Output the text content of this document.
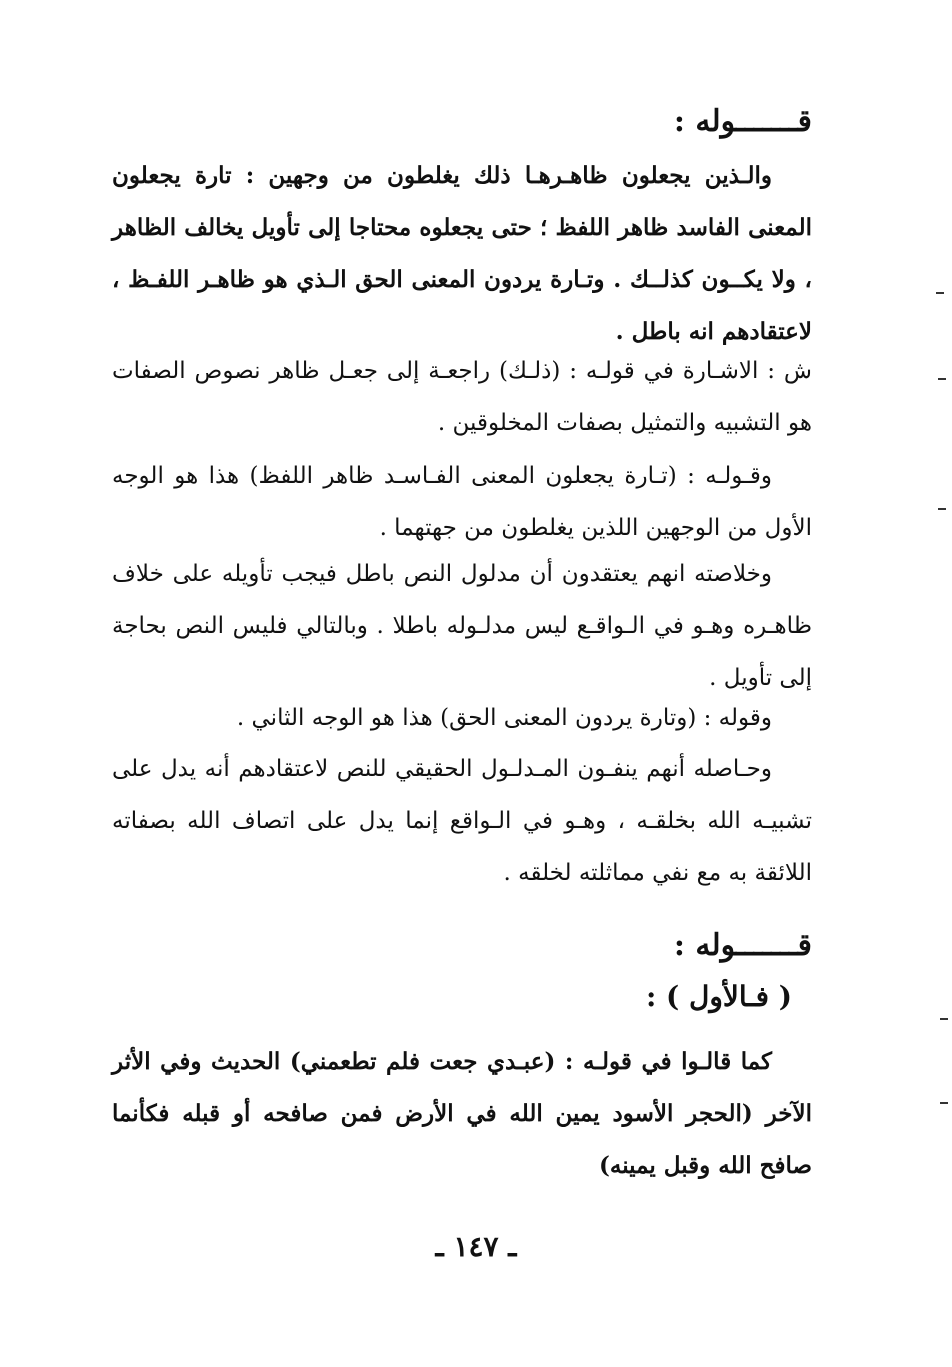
قـــــــوله :
والـذين يجعلون ظاهـرهـا ذلك يغلطون من وجهين : تارة يجعلون المعنى الفاسد ظاهر اللفظ ؛ حتى يجعلوه محتاجا إلى تأويل يخالف الظاهر ، ولا يكــون كذلــك . وتـارة يردون المعنى الحق الـذي هو ظاهـر اللفـظ ، لاعتقادهم انه باطل .
ش : الاشـارة في قولـه : (ذلـك) راجعـة إلى جعـل ظاهر نصوص الصفات هو التشبيه والتمثيل بصفات المخلوقين .
وقـولـه : (تـارة يجعلون المعنى الفـاسـد ظاهر اللفظ) هذا هو الوجه الأول من الوجهين اللذين يغلطون من جهتهما .
وخلاصته انهم يعتقدون أن مدلول النص باطل فيجب تأويله على خلاف ظاهـره وهـو في الـواقـع ليس مدلـوله باطلا . وبالتالي فليس النص بحاجة إلى تأويل .
وقوله : (وتارة يردون المعنى الحق) هذا هو الوجه الثاني .
وحـاصله أنهم ينفـون المـدلـول الحقيقي للنص لاعتقادهم أنه يدل على تشبيـه الله بخلقـه ، وهـو في الـواقع إنما يدل على اتصاف الله بصفاته اللائقة به مع نفي مماثلته لخلقه .
قـــــــوله :
( فـالأول ) :
كما قالـوا في قولـه : (عبـدي جعت فلم تطعمني) الحديث وفي الأثر الآخر (الحجر الأسود يمين الله في الأرض فمن صافحه أو قبله فكأنما صافح الله وقبل يمينه)
ـ ١٤٧ ـ
